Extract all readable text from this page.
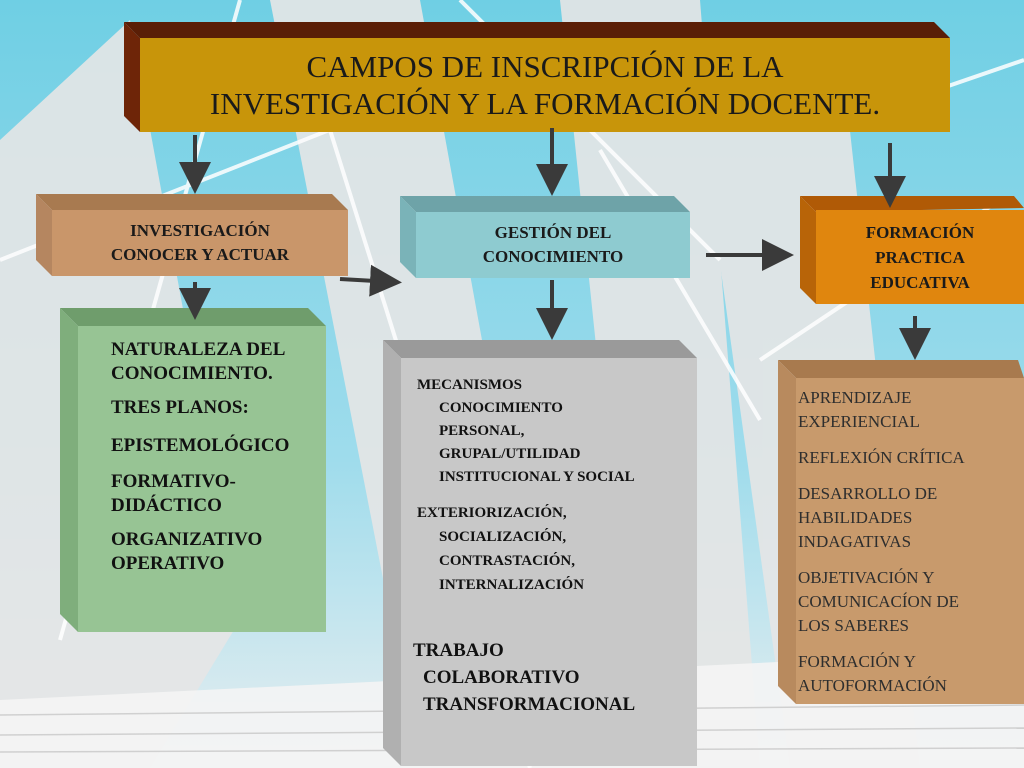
CAMPOS DE INSCRIPCIÓN DE LA
INVESTIGACIÓN Y LA FORMACIÓN DOCENTE.
INVESTIGACIÓN
CONOCER Y ACTUAR
GESTIÓN DEL
CONOCIMIENTO
FORMACIÓN
PRACTICA
EDUCATIVA
NATURALEZA DEL
CONOCIMIENTO.
TRES PLANOS:
EPISTEMOLÓGICO
FORMATIVO-
DIDÁCTICO
ORGANIZATIVO
OPERATIVO
MECANISMOS
CONOCIMIENTO
PERSONAL,
GRUPAL/UTILIDAD
INSTITUCIONAL Y SOCIAL
EXTERIORIZACIÓN,
SOCIALIZACIÓN,
CONTRASTACIÓN,
INTERNALIZACIÓN
TRABAJO
COLABORATIVO
TRANSFORMACIONAL
APRENDIZAJE
EXPERIENCIAL
REFLEXIÓN CRÍTICA
DESARROLLO DE
HABILIDADES
INDAGATIVAS
OBJETIVACIÓN Y
COMUNICACÍON DE
LOS SABERES
FORMACIÓN Y
AUTOFORMACIÓN
